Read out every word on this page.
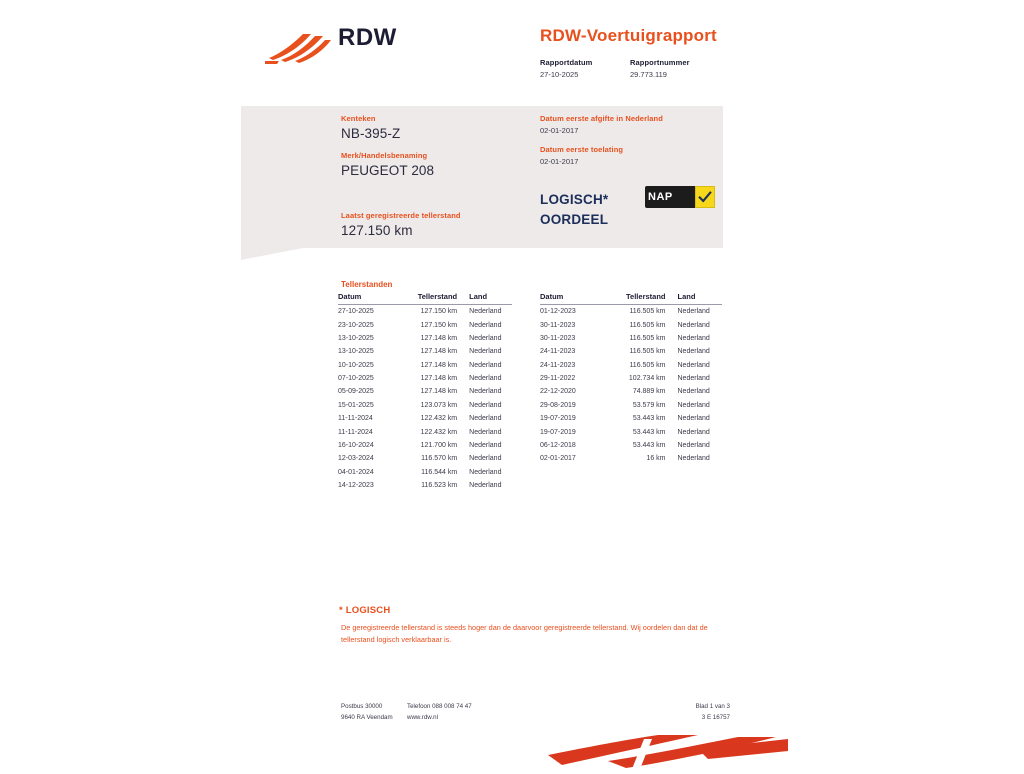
RDW	RDW-Voertuigrapport
Rapportdatum
27-10-2025
Rapportnummer
29.773.119
Kenteken
NB-395-Z
Merk/Handelsbenaming
PEUGEOT 208
Datum eerste afgifte in Nederland
02-01-2017
Datum eerste toelating
02-01-2017
Laatst geregistreerde tellerstand
127.150 km
LOGISCH*
OORDEEL
NAP
Tellerstanden
Datum	Tellerstand	Land
27-10-2025	127.150 km	Nederland
23-10-2025	127.150 km	Nederland
13-10-2025	127.148 km	Nederland
13-10-2025	127.148 km	Nederland
10-10-2025	127.148 km	Nederland
07-10-2025	127.148 km	Nederland
05-09-2025	127.148 km	Nederland
15-01-2025	123.073 km	Nederland
11-11-2024	122.432 km	Nederland
11-11-2024	122.432 km	Nederland
16-10-2024	121.700 km	Nederland
12-03-2024	116.570 km	Nederland
04-01-2024	116.544 km	Nederland
14-12-2023	116.523 km	Nederland
Datum	Tellerstand	Land
01-12-2023	116.505 km	Nederland
30-11-2023	116.505 km	Nederland
30-11-2023	116.505 km	Nederland
24-11-2023	116.505 km	Nederland
24-11-2023	116.505 km	Nederland
29-11-2022	102.734 km	Nederland
22-12-2020	74.889 km	Nederland
29-08-2019	53.579 km	Nederland
19-07-2019	53.443 km	Nederland
19-07-2019	53.443 km	Nederland
06-12-2018	53.443 km	Nederland
02-01-2017	16 km	Nederland
* LOGISCH
De geregistreerde tellerstand is steeds hoger dan de daarvoor geregistreerde tellerstand. Wij oordelen dan dat de tellerstand logisch verklaarbaar is.
Postbus 30000
9640 RA Veendam
Telefoon 088 008 74 47
www.rdw.nl
Blad 1 van 3
3 E 16757
